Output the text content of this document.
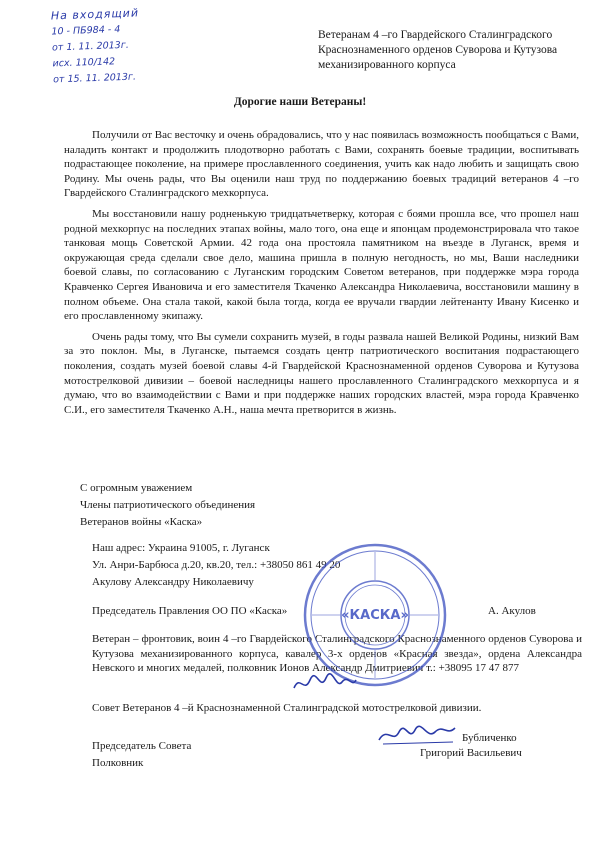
На входящий
10 - ПБ984 - 4
от 1. 11. 2013г.
исх. 110/142
от 15. 11. 2013г.
Ветеранам 4 –го Гвардейского Сталинградского Краснознаменного орденов Суворова и Кутузова механизированного корпуса
Дорогие наши Ветераны!

Получили от Вас весточку и очень обрадовались, что у нас появилась возможность пообщаться с Вами, наладить контакт и продолжить плодотворно работать с Вами, сохранять боевые традиции, воспитывать подрастающее поколение, на примере прославленного соединения, учить как надо любить и защищать свою Родину. Мы очень рады, что Вы оценили наш труд по поддержанию боевых традиций ветеранов 4 –го Гвардейского Сталинградского мехкорпуса.

Мы восстановили нашу родненькую тридцатьчетверку, которая с боями прошла все, что прошел наш родной мехкорпус на последних этапах войны, мало того, она еще и японцам продемонстрировала что такое танковая мощь Советской Армии. 42 года она простояла памятником на въезде в Луганск, время и окружающая среда сделали свое дело, машина пришла в полную негодность, но мы, Ваши наследники боевой славы, по согласованию с Луганским городским Советом ветеранов, при поддержке мэра города Кравченко Сергея Ивановича и его заместителя Ткаченко Александра Николаевича, восстановили машину в полном объеме. Она стала такой, какой была тогда, когда ее вручали гвардии лейтенанту Ивану Кисенко и его прославленному экипажу.

Очень рады тому, что Вы сумели сохранить музей, в годы развала нашей Великой Родины, низкий Вам за это поклон. Мы, в Луганске, пытаемся создать центр патриотического воспитания подрастающего поколения, создать музей боевой славы 4-й Гвардейской Краснознаменной орденов Суворова и Кутузова мотострелковой дивизии – боевой наследницы нашего прославленного Сталинградского мехкорпуса и я думаю, что во взаимодействии с Вами и при поддержке наших городских властей, мэра города Кравченко С.И., его заместителя Ткаченко А.Н., наша мечта претворится в жизнь.

С огромным уважением
Члены патриотического объединения
Ветеранов войны «Каска»
Наш адрес: Украина 91005, г. Луганск
Ул. Анри-Барбюса д.20, кв.20, тел.: +38050 861 49 20
Акулову Александру Николаевичу
Председатель Правления ОО ПО «Каска»	А. Акулов
Ветеран – фронтовик, воин 4 –го Гвардейского Сталинградского Краснознаменного орденов Суворова и Кутузова механизированного корпуса, кавалер 3-х орденов «Красная звезда», ордена Александра Невского и многих медалей, полковник Ионов Александр Дмитриевич т.: +38095 17 47 877
Совет Ветеранов 4 –й Краснознаменной Сталинградской мотострелковой дивизии.
Председатель Совета
Полковник
Бубличенко
Григорий Васильевич
«КАСКА»
